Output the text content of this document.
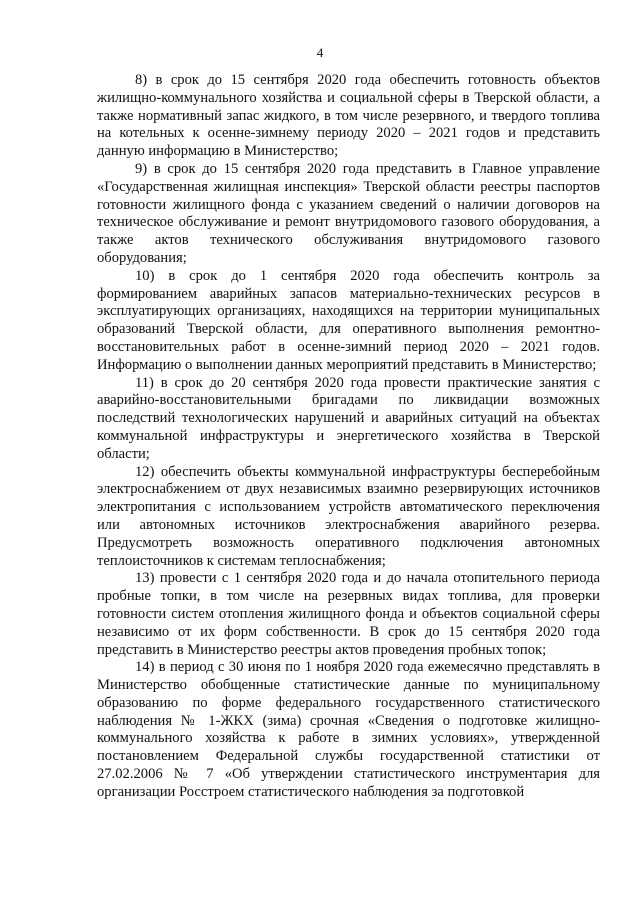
4

8) в срок до 15 сентября 2020 года обеспечить готовность объектов жилищно-коммунального хозяйства и социальной сферы в Тверской области, а также нормативный запас жидкого, в том числе резервного, и твердого топлива на котельных к осенне-зимнему периоду 2020 – 2021 годов и представить данную информацию в Министерство;

9) в срок до 15 сентября 2020 года представить в Главное управление «Государственная жилищная инспекция» Тверской области реестры паспортов готовности жилищного фонда с указанием сведений о наличии договоров на техническое обслуживание и ремонт внутридомового газового оборудования, а также актов технического обслуживания внутридомового газового оборудования;

10) в срок до 1 сентября 2020 года обеспечить контроль за формированием аварийных запасов материально-технических ресурсов в эксплуатирующих организациях, находящихся на территории муниципальных образований Тверской области, для оперативного выполнения ремонтно-восстановительных работ в осенне-зимний период 2020 – 2021 годов. Информацию о выполнении данных мероприятий представить в Министерство;

11) в срок до 20 сентября 2020 года провести практические занятия с аварийно-восстановительными бригадами по ликвидации возможных последствий технологических нарушений и аварийных ситуаций на объектах коммунальной инфраструктуры и энергетического хозяйства в Тверской области;

12) обеспечить объекты коммунальной инфраструктуры бесперебойным электроснабжением от двух независимых взаимно резервирующих источников электропитания с использованием устройств автоматического переключения или автономных источников электроснабжения аварийного резерва. Предусмотреть возможность оперативного подключения автономных теплоисточников к системам теплоснабжения;

13) провести с 1 сентября 2020 года и до начала отопительного периода пробные топки, в том числе на резервных видах топлива, для проверки готовности систем отопления жилищного фонда и объектов социальной сферы независимо от их форм собственности. В срок до 15 сентября 2020 года представить в Министерство реестры актов проведения пробных топок;

14) в период с 30 июня по 1 ноября 2020 года ежемесячно представлять в Министерство обобщенные статистические данные по муниципальному образованию по форме федерального государственного статистического наблюдения № 1-ЖКХ (зима) срочная «Сведения о подготовке жилищно-коммунального хозяйства к работе в зимних условиях», утвержденной постановлением Федеральной службы государственной статистики от 27.02.2006 № 7 «Об утверждении статистического инструментария для организации Росстроем статистического наблюдения за подготовкой
